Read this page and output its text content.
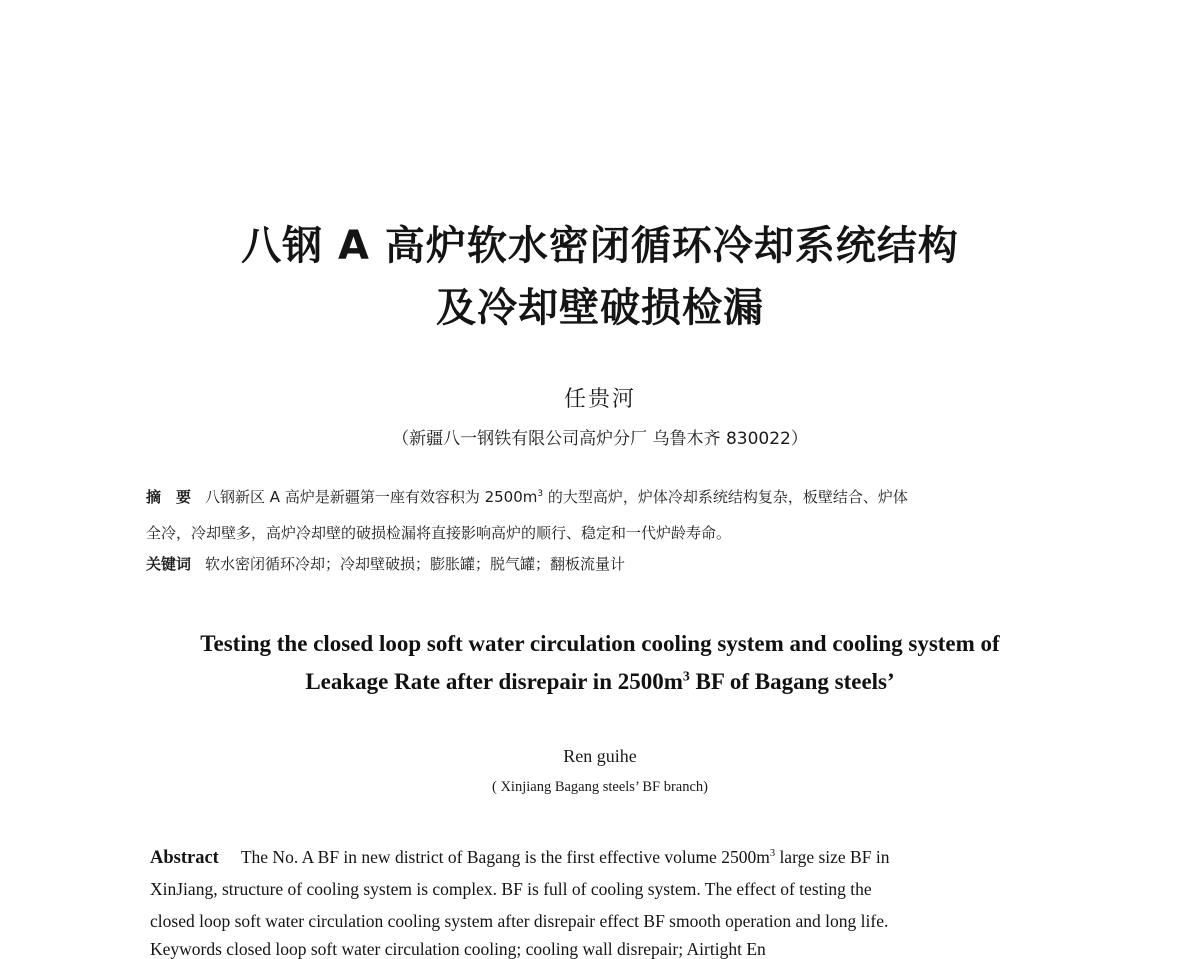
八钢 A 高炉软水密闭循环冷却系统结构
及冷却壁破损检漏
任贵河
（新疆八一钢铁有限公司高炉分厂 乌鲁木齐 830022）
摘　要 八钢新区 A 高炉是新疆第一座有效容积为 $2500m^3$ 的大型高炉，炉体冷却系统结构复杂，板壁结合、炉体
全冷，冷却壁多，高炉冷却壁的破损检漏将直接影响高炉的顺行、稳定和一代炉龄寿命。
关键词 软水密闭循环冷却；冷却壁破损；膨胀罐；脱气罐；翻板流量计
Testing the closed loop soft water circulation cooling system and cooling system of
Leakage Rate after disrepair in $2500m^3$ BF of Bagang steels’
Ren guihe
( Xinjiang Bagang steels’ BF branch)
Abstract The No. A BF in new district of Bagang is the first effective volume $2500m^3$ large size BF in
XinJiang, structure of cooling system is complex. BF is full of cooling system. The effect of testing the
closed loop soft water circulation cooling system after disrepair effect BF smooth operation and long life.
Keywords closed loop soft water circulation cooling; cooling wall disrepair; Airtight En
